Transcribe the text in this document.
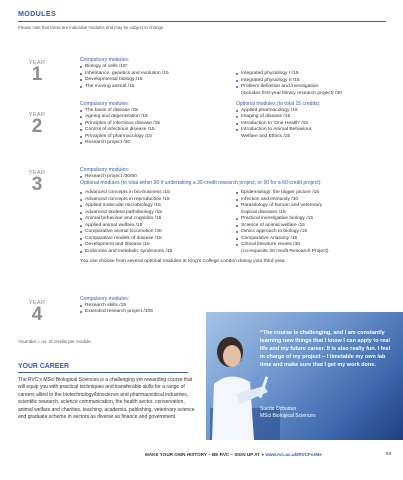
MODULES
Please note that these are indicative modules and may be subject to change.
YEAR
1
Compulsory modules:
Biology of cells /15*
Inheritance, genetics and evolution /15
Developmental biology /15
The moving animal /15
Integrated physiology I /15
Integrated physiology II /15
Problem definition and investigation
(includes first-year library research project) /30
YEAR
2
Compulsory modules:
The basis of disease /15
Ageing and degeneration /15
Principles of infectious disease /15
Control of infectious disease /15
Principles of pharmacology /15
Research project /30
Optional modules (to total 15 credits):
Applied pharmacology /15
Imaging of disease /15
Introduction to 'One Health' /15
Introduction to Animal Behaviour,
Welfare and Ethics /15
YEAR
3
Compulsory modules:
Research project /30/60
Optional modules (to total either 90 if undertaking a 30-credit research project, or 60 for a 60-credit project):
Advanced concepts in bio-business /15
Advanced concepts in reproduction /15
Applied molecular microbiology /15
Advanced skeletal pathobiology /15
Animal behaviour and cognition /15
Applied animal welfare /15
Comparative animal locomotion /30
Comparative models of disease /15
Development and disease /15
Endocrine and metabolic syndromes /15
Epidemiology: the bigger picture /15
Infection and immunity /30
Parasitology of human and veterinary
tropical diseases /15
Practical investigative biology /15
Science of animal welfare /15
Omics approach to biology /15
Comparative Anatomy /15
Critical literature review /30
(co-requisite 30 credit Research Project)
You can choose from several optional modules at King's College London during your third year.
YEAR
4
Compulsory modules:
Research skills /15
Extended research project /105
*/number = no. of credits per module
YOUR CAREER
The RVC's MSci Biological Sciences is a challenging yet rewarding course that will equip you with practical techniques and transferable skills for a range of careers allied to the biotechnology/bioscience and pharmaceutical industries, scientific research, science communication, the health sector, conservation, animal welfare and charities, teaching, academia, publishing, veterinary science and graduate scheme in sectors as diverse as finance and government.
“The course is challenging, and I am constantly learning new things that I know I can apply to real life and my future career. It is also really fun. I feel in charge of my project – I timetable my own lab time and make sure that I get my work done.
Sueda Ozbudun
MSci Biological Sciences
MAKE YOUR OWN HISTORY – BE RVC – SIGN UP AT ● www.rvc.ac.uk/RVCForMe	53
